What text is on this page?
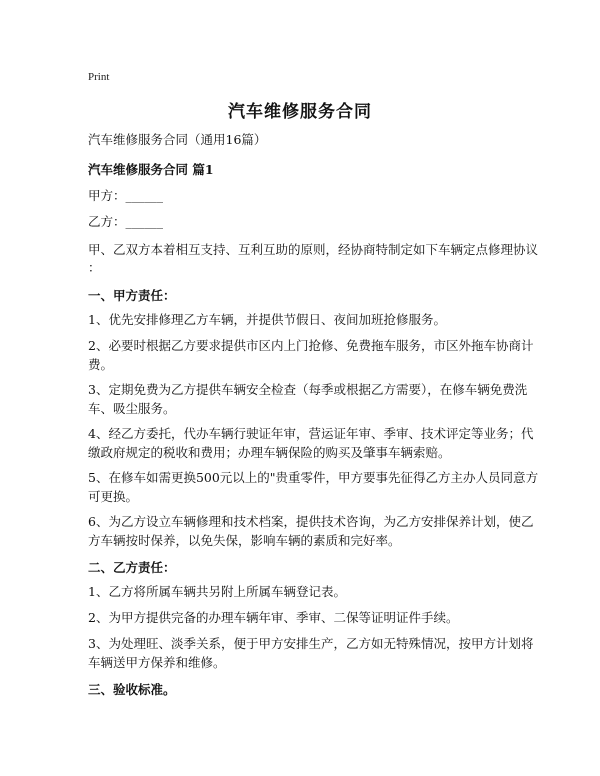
Print
汽车维修服务合同
汽车维修服务合同（通用16篇）
汽车维修服务合同 篇1
甲方：______
乙方：______
甲、乙双方本着相互支持、互利互助的原则，经协商特制定如下车辆定点修理协议
：
一、甲方责任：
1、优先安排修理乙方车辆，并提供节假日、夜间加班抢修服务。
2、必要时根据乙方要求提供市区内上门抢修、免费拖车服务，市区外拖车协商计
费。
3、定期免费为乙方提供车辆安全检查（每季或根据乙方需要），在修车辆免费洗
车、吸尘服务。
4、经乙方委托，代办车辆行驶证年审，营运证年审、季审、技术评定等业务；代
缴政府规定的税收和费用；办理车辆保险的购买及肇事车辆索赔。
5、在修车如需更换500元以上的"贵重零件，甲方要事先征得乙方主办人员同意方
可更换。
6、为乙方设立车辆修理和技术档案，提供技术咨询，为乙方安排保养计划，使乙
方车辆按时保养，以免失保，影响车辆的素质和完好率。
二、乙方责任：
1、乙方将所属车辆共另附上所属车辆登记表。
2、为甲方提供完备的办理车辆年审、季审、二保等证明证件手续。
3、为处理旺、淡季关系，便于甲方安排生产，乙方如无特殊情况，按甲方计划将
车辆送甲方保养和维修。
三、验收标准。
